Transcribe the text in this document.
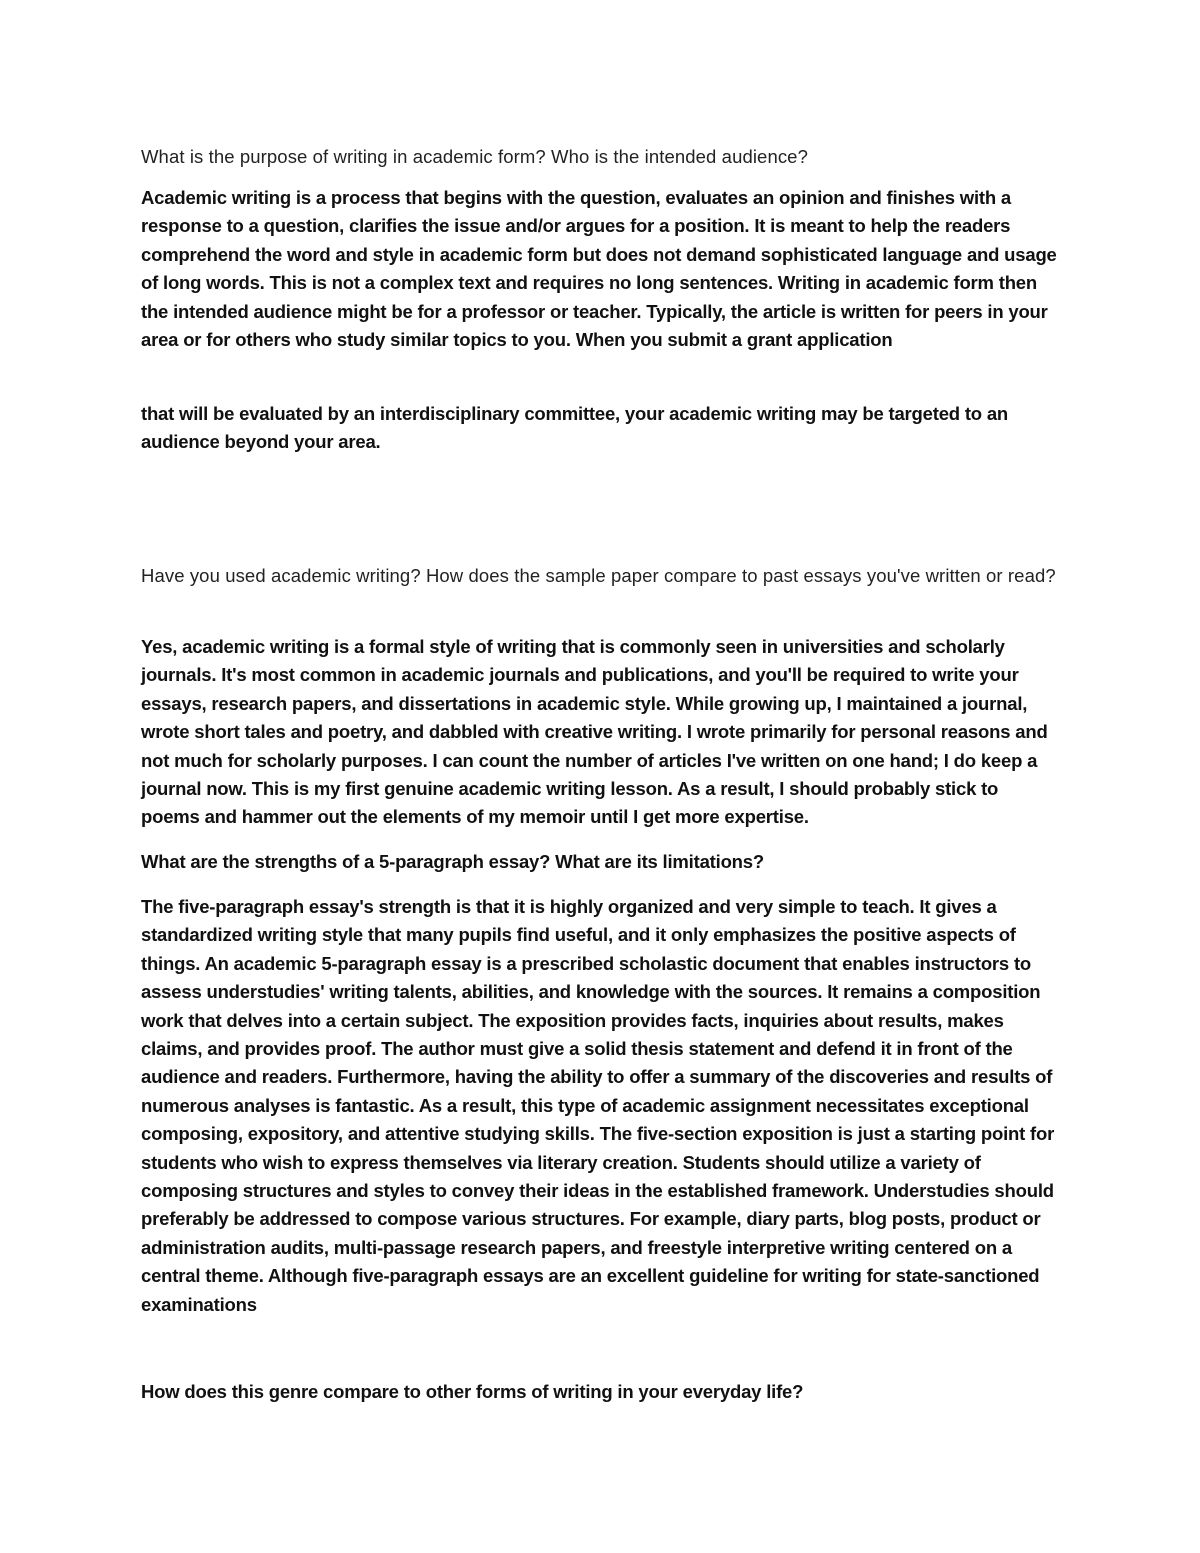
What is the purpose of writing in academic form? Who is the intended audience?

Academic writing is a process that begins with the question, evaluates an opinion and finishes with a response to a question, clarifies the issue and/or argues for a position. It is meant to help the readers comprehend the word and style in academic form but does not demand sophisticated language and usage of long words. This is not a complex text and requires no long sentences. Writing in academic form then the intended audience might be for a professor or teacher. Typically, the article is written for peers in your area or for others who study similar topics to you. When you submit a grant application

that will be evaluated by an interdisciplinary committee, your academic writing may be targeted to an audience beyond your area.

Have you used academic writing? How does the sample paper compare to past essays you've written or read?

Yes, academic writing is a formal style of writing that is commonly seen in universities and scholarly journals. It's most common in academic journals and publications, and you'll be required to write your essays, research papers, and dissertations in academic style. While growing up, I maintained a journal, wrote short tales and poetry, and dabbled with creative writing. I wrote primarily for personal reasons and not much for scholarly purposes. I can count the number of articles I've written on one hand; I do keep a journal now. This is my first genuine academic writing lesson. As a result, I should probably stick to poems and hammer out the elements of my memoir until I get more expertise.

What are the strengths of a 5-paragraph essay? What are its limitations?

The five-paragraph essay's strength is that it is highly organized and very simple to teach. It gives a standardized writing style that many pupils find useful, and it only emphasizes the positive aspects of things. An academic 5-paragraph essay is a prescribed scholastic document that enables instructors to assess understudies' writing talents, abilities, and knowledge with the sources. It remains a composition work that delves into a certain subject. The exposition provides facts, inquiries about results, makes claims, and provides proof. The author must give a solid thesis statement and defend it in front of the audience and readers. Furthermore, having the ability to offer a summary of the discoveries and results of numerous analyses is fantastic. As a result, this type of academic assignment necessitates exceptional composing, expository, and attentive studying skills. The five-section exposition is just a starting point for students who wish to express themselves via literary creation. Students should utilize a variety of composing structures and styles to convey their ideas in the established framework. Understudies should preferably be addressed to compose various structures. For example, diary parts, blog posts, product or administration audits, multi-passage research papers, and freestyle interpretive writing centered on a central theme. Although five-paragraph essays are an excellent guideline for writing for state-sanctioned examinations

How does this genre compare to other forms of writing in your everyday life?
